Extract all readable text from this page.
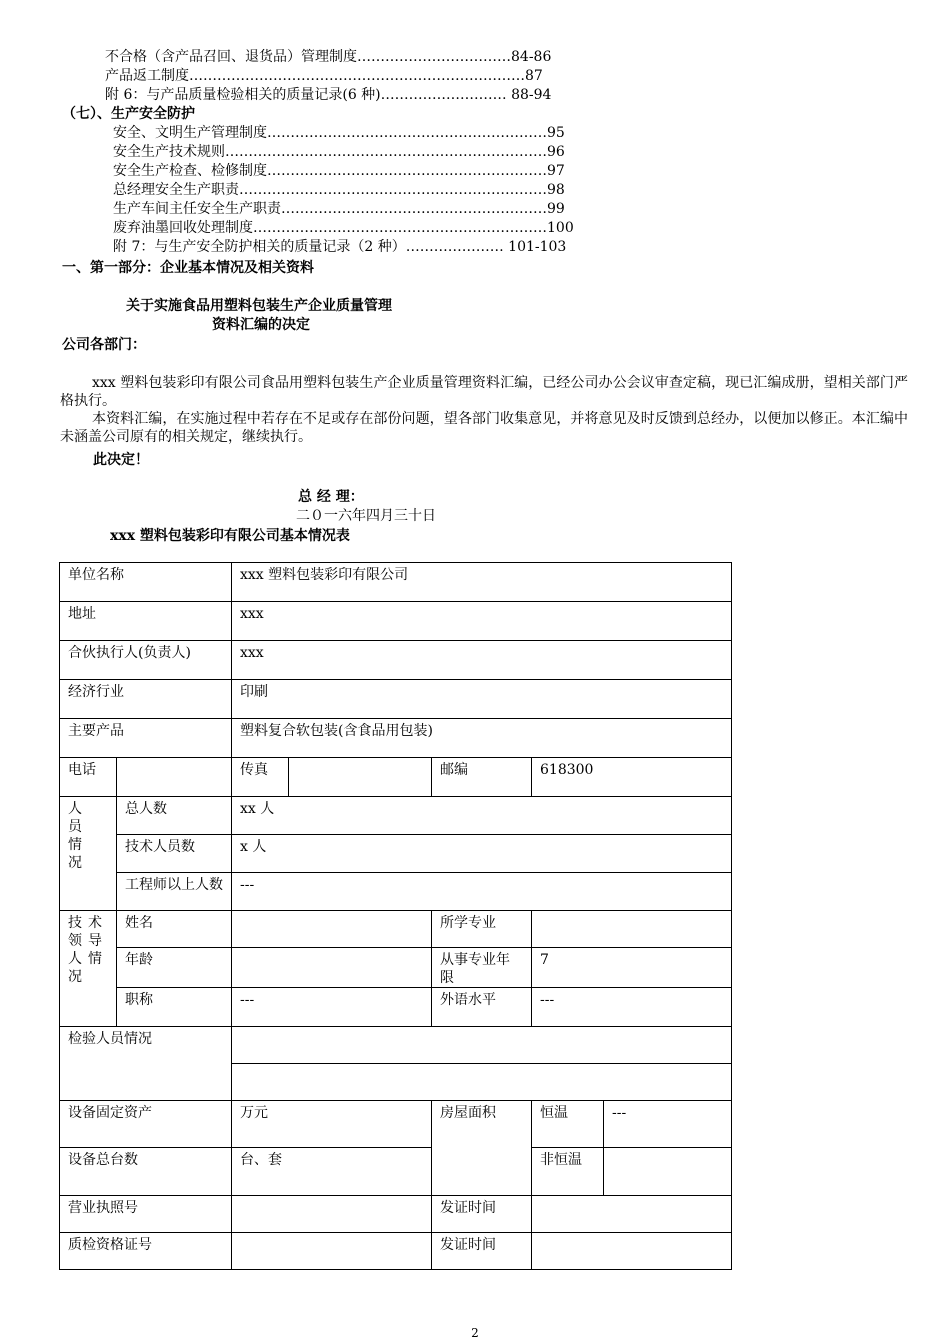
不合格（含产品召回、退货品）管理制度……………………………84-86
产品返工制度………………………………………………………………87
附 6：与产品质量检验相关的质量记录(6 种)……………………… 88-94
（七）、生产安全防护
安全、文明生产管理制度……………………………………………………95
安全生产技术规则……………………………………………………………96
安全生产检查、检修制度……………………………………………………97
总经理安全生产职责…………………………………………………………98
生产车间主任安全生产职责…………………………………………………99
废弃油墨回收处理制度………………………………………………………100
附 7：与生产安全防护相关的质量记录（2 种）………………… 101-103
一、第一部分：企业基本情况及相关资料
关于实施食品用塑料包装生产企业质量管理
资料汇编的决定
公司各部门：
xxx 塑料包装彩印有限公司食品用塑料包装生产企业质量管理资料汇编，已经公司办公会议审查定稿，现已汇编成册，望相关部门严格执行。
本资料汇编，在实施过程中若存在不足或存在部份问题，望各部门收集意见，并将意见及时反馈到总经办，以便加以修正。本汇编中未涵盖公司原有的相关规定，继续执行。
此决定！
总 经 理：
二０一六年四月三十日
xxx 塑料包装彩印有限公司基本情况表
单位名称		xxx 塑料包装彩印有限公司				
地址		xxx				
合伙执行人(负责人)		xxx				
经济行业		印刷				
主要产品		塑料复合软包装(含食品用包装)				
电话		传真		邮编	618300	

人员情况	总人数	xx 人				
	技术人员数	x 人				
	工程师以上人数	---				

技术领导人情况	姓名			所学专业		
	年龄			从事专业年限	7	
	职称	---		外语水平	---	
检验人员情况						

设备固定资产		万元		房屋面积	恒温	---
设备总台数		台、套			非恒温	
营业执照号				发证时间		
质检资格证号				发证时间		
2
